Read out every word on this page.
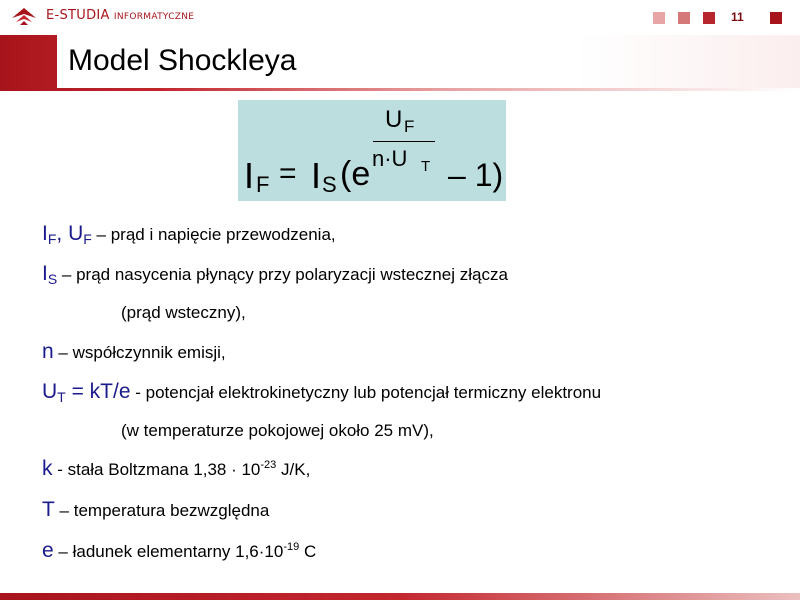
E-STUDIA INFORMATYCZNE	11
Model Shockleya
I F = I S (e
U F
n·U T – 1)
$I_F$, $U_F$ – prąd i napięcie przewodzenia,
$I_S$ – prąd nasycenia płynący przy polaryzacji wstecznej złącza
(prąd wsteczny),
n – współczynnik emisji,
$U_T = kT/e$ - potencjał elektrokinetyczny lub potencjał termiczny elektronu
(w temperaturze pokojowej około 25 mV),
k - stała Boltzmana $1,38 \cdot 10^{-23}$ J/K,
T – temperatura bezwzględna
e – ładunek elementarny $1,6\cdot 10^{-19}$ C
